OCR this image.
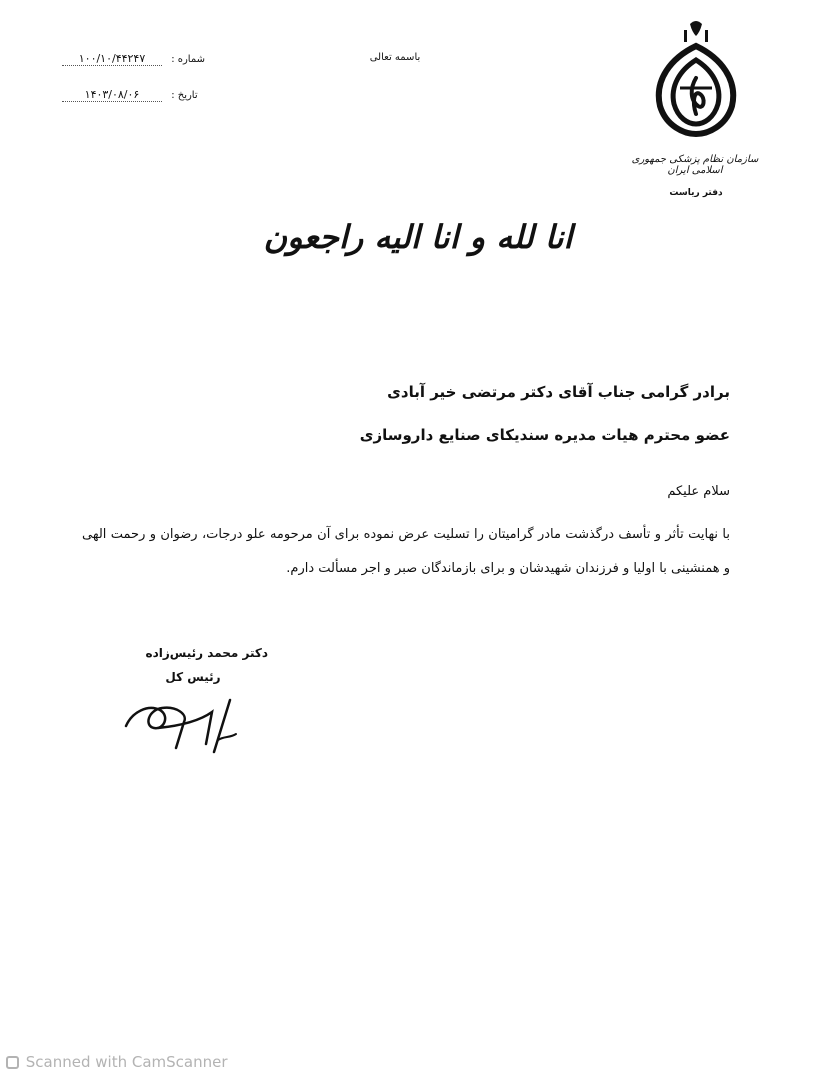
شماره : ۱۰۰/۱۰/۴۴۲۴۷
تاریخ : ۱۴۰۳/۰۸/۰۶
باسمه تعالی
سازمان نظام پزشکی جمهوری اسلامی ایران
دفتر ریاست
انا لله و انا الیه راجعون
برادر گرامی جناب آقای دکتر مرتضی خیر آبادی
عضو محترم هیات مدیره سندیکای صنایع داروسازی
سلام علیکم
با نهایت تأثر و تأسف درگذشت مادر گرامیتان را تسلیت عرض نموده برای آن مرحومه علو درجات، رضوان و رحمت الهی و همنشینی با اولیا و فرزندان شهیدشان و برای بازماندگان صبر و اجر مسألت دارم.
دکتر محمد رئیس‌زاده
رئیس کل
Scanned with CamScanner
